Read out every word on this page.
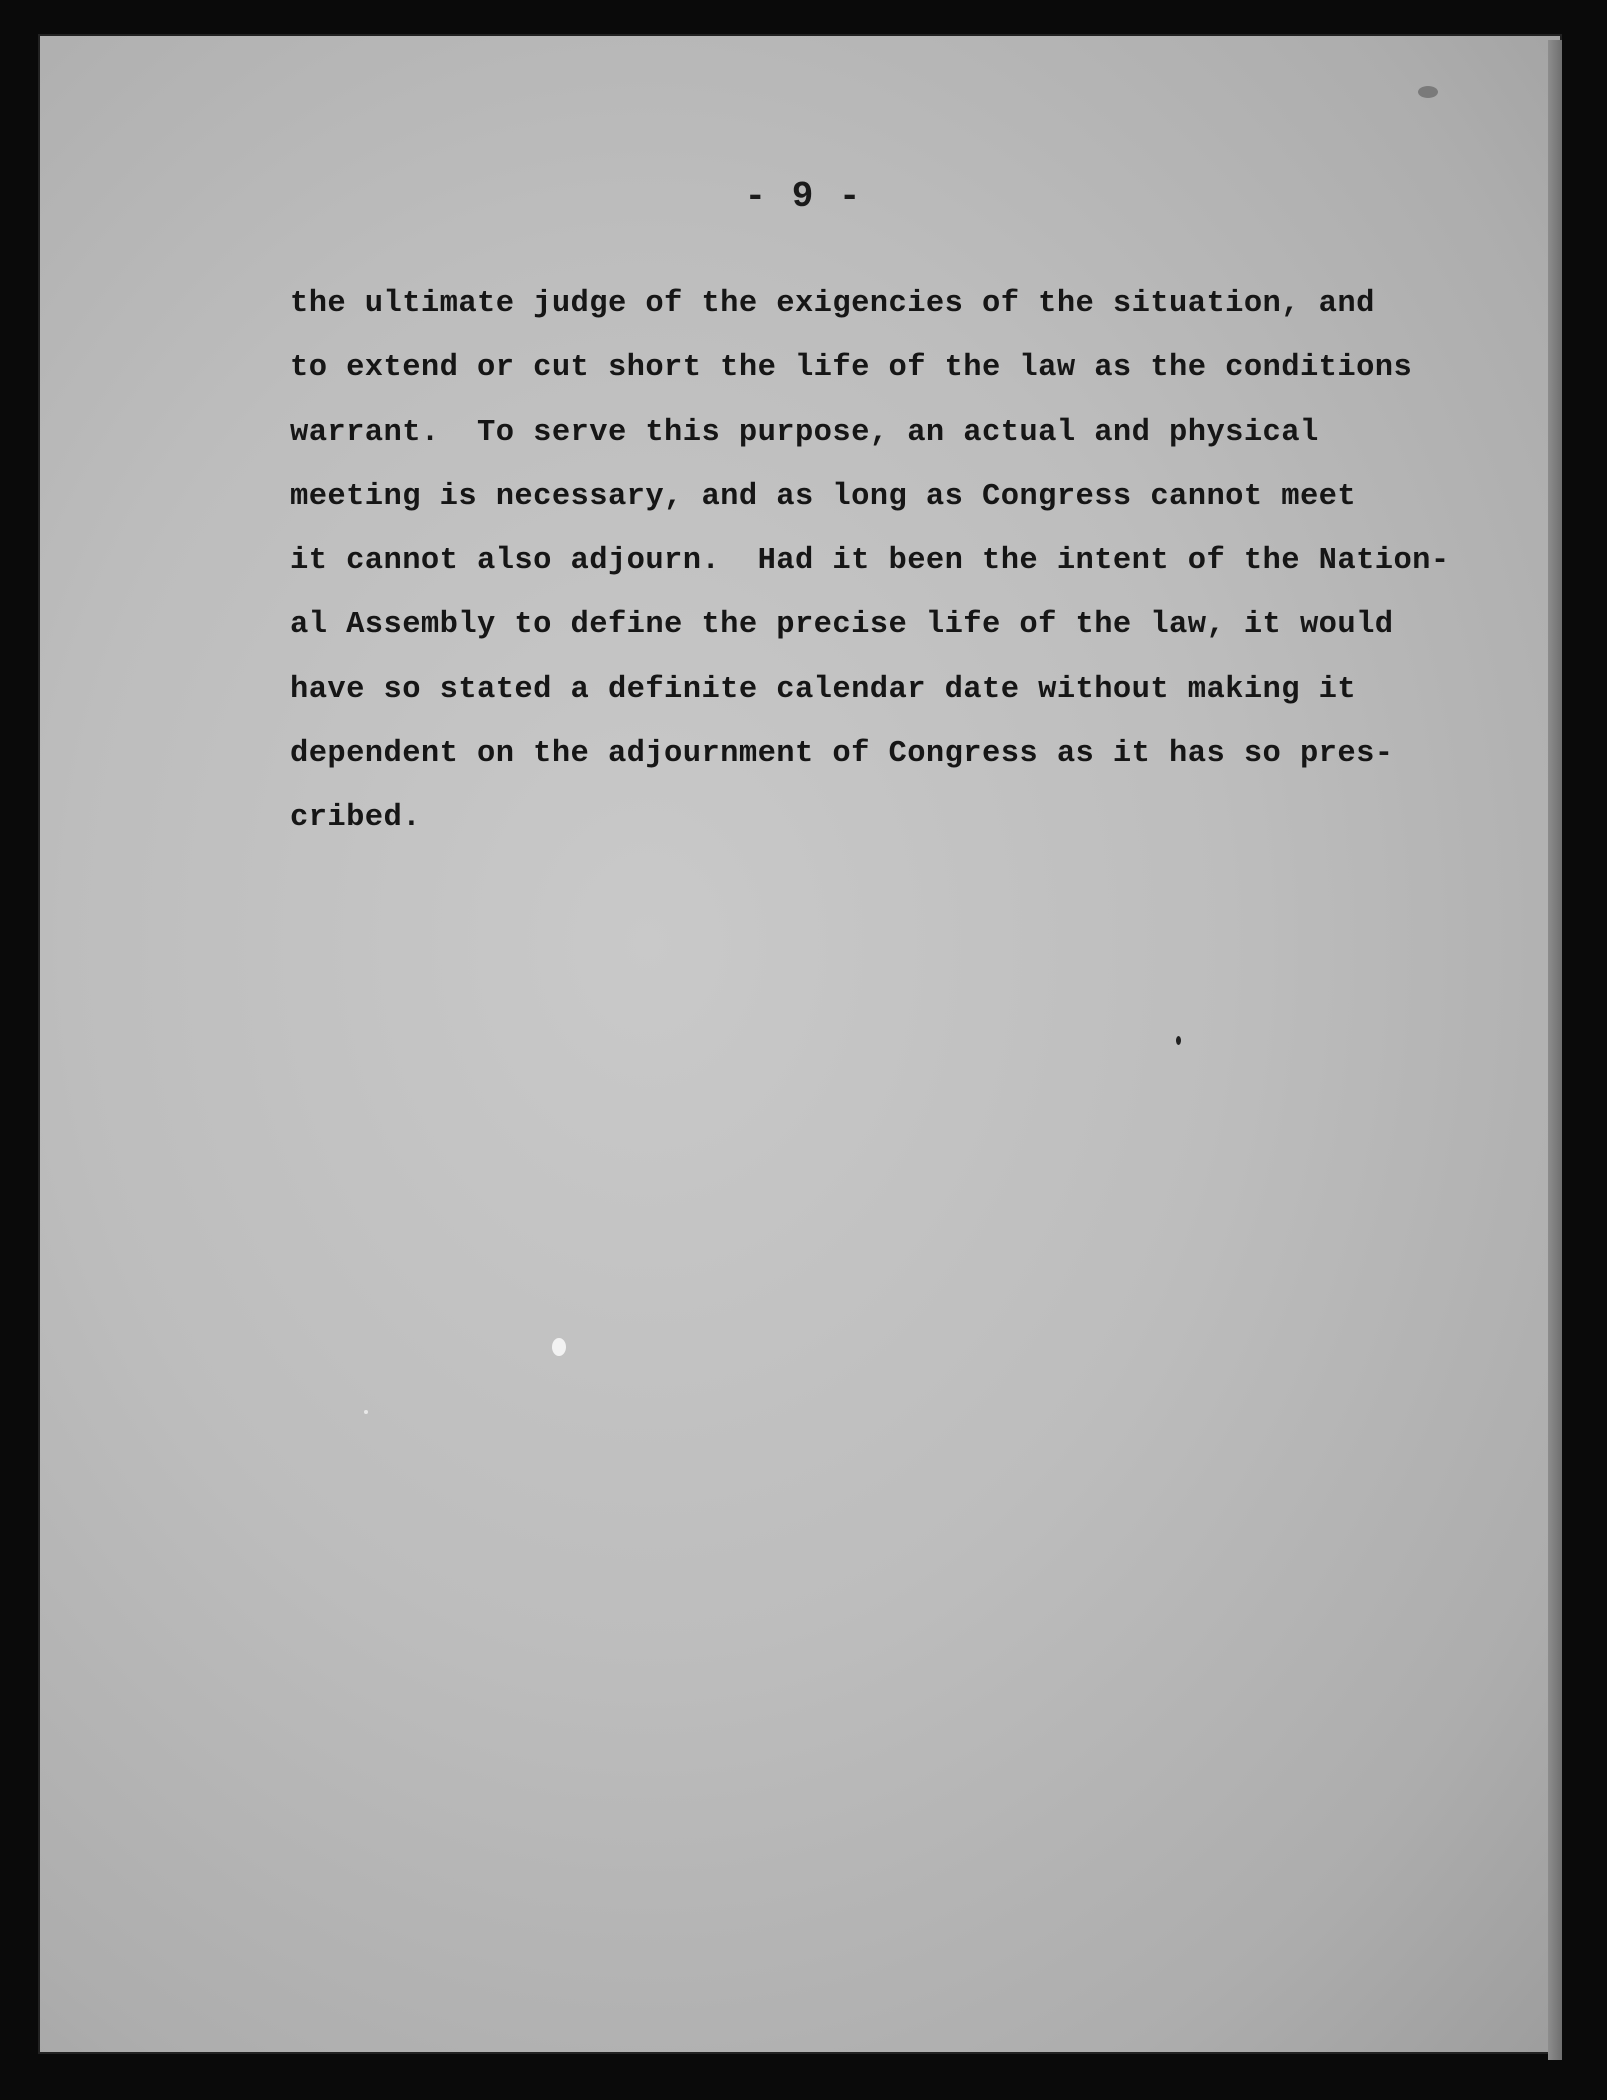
- 9 -
the ultimate judge of the exigencies of the situation, and
to extend or cut short the life of the law as the conditions
warrant.  To serve this purpose, an actual and physical
meeting is necessary, and as long as Congress cannot meet
it cannot also adjourn.  Had it been the intent of the Nation-
al Assembly to define the precise life of the law, it would
have so stated a definite calendar date without making it
dependent on the adjournment of Congress as it has so pres-
cribed.
